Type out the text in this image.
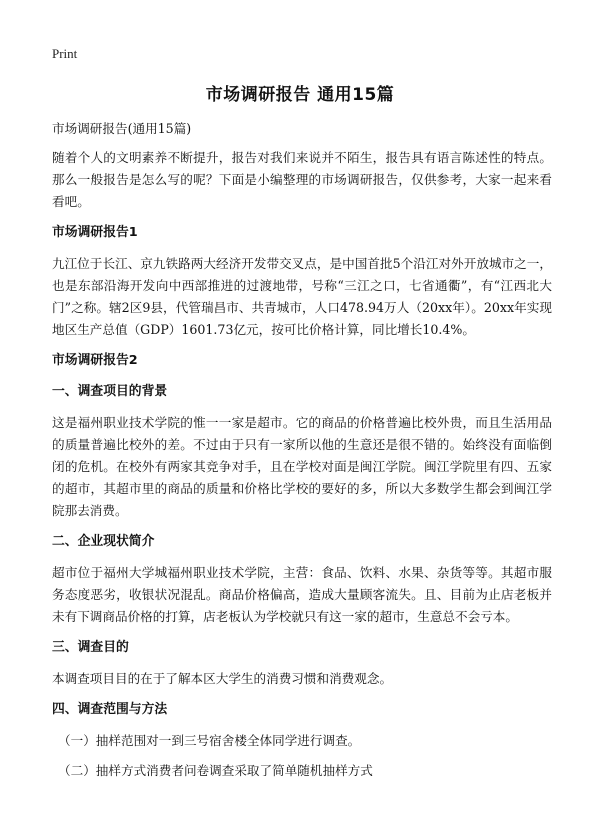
Print
市场调研报告 通用15篇

市场调研报告(通用15篇)

随着个人的文明素养不断提升，报告对我们来说并不陌生，报告具有语言陈述性的特点。那么一般报告是怎么写的呢？下面是小编整理的市场调研报告，仅供参考，大家一起来看看吧。

市场调研报告1

九江位于长江、京九铁路两大经济开发带交叉点，是中国首批5个沿江对外开放城市之一，也是东部沿海开发向中西部推进的过渡地带，号称“三江之口，七省通衢”，有“江西北大门”之称。辖2区9县，代管瑞昌市、共青城市，人口478.94万人（20xx年）。20xx年实现地区生产总值（GDP）1601.73亿元，按可比价格计算，同比增长10.4%。

市场调研报告2

一、调查项目的背景

这是福州职业技术学院的惟一一家是超市。它的商品的价格普遍比校外贵，而且生活用品的质量普遍比校外的差。不过由于只有一家所以他的生意还是很不错的。始终没有面临倒闭的危机。在校外有两家其竞争对手，且在学校对面是闽江学院。闽江学院里有四、五家的超市，其超市里的商品的质量和价格比学校的要好的多，所以大多数学生都会到闽江学院那去消费。

二、企业现状简介

超市位于福州大学城福州职业技术学院，主营：食品、饮料、水果、杂货等等。其超市服务态度恶劣，收银状况混乱。商品价格偏高，造成大量顾客流失。且、目前为止店老板并未有下调商品价格的打算，店老板认为学校就只有这一家的超市，生意总不会亏本。

三、调查目的

本调查项目目的在于了解本区大学生的消费习惯和消费观念。

四、调查范围与方法

（一）抽样范围对一到三号宿舍楼全体同学进行调查。

（二）抽样方式消费者问卷调查采取了简单随机抽样方式
